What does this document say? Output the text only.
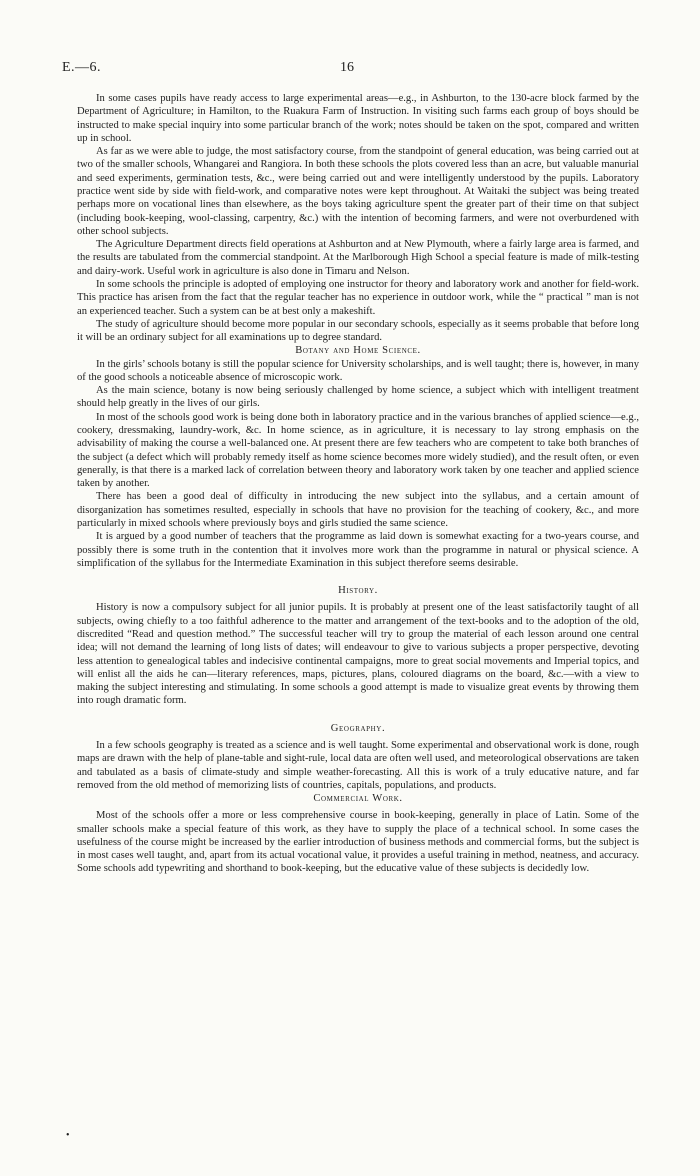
E.—6.	16

In some cases pupils have ready access to large experimental areas—e.g., in Ashburton, to the 130-acre block farmed by the Department of Agriculture; in Hamilton, to the Ruakura Farm of Instruction. In visiting such farms each group of boys should be instructed to make special inquiry into some particular branch of the work; notes should be taken on the spot, compared and written up in school.

As far as we were able to judge, the most satisfactory course, from the standpoint of general education, was being carried out at two of the smaller schools, Whangarei and Rangiora. In both these schools the plots covered less than an acre, but valuable manurial and seed experiments, germination tests, &c., were being carried out and were intelligently understood by the pupils. Laboratory practice went side by side with field-work, and comparative notes were kept throughout. At Waitaki the subject was being treated perhaps more on vocational lines than elsewhere, as the boys taking agriculture spent the greater part of their time on that subject (including book-keeping, wool-classing, carpentry, &c.) with the intention of becoming farmers, and were not overburdened with other school subjects.

The Agriculture Department directs field operations at Ashburton and at New Plymouth, where a fairly large area is farmed, and the results are tabulated from the commercial standpoint. At the Marlborough High School a special feature is made of milk-testing and dairy-work. Useful work in agriculture is also done in Timaru and Nelson.

In some schools the principle is adopted of employing one instructor for theory and laboratory work and another for field-work. This practice has arisen from the fact that the regular teacher has no experience in outdoor work, while the “ practical ” man is not an experienced teacher. Such a system can be at best only a makeshift.

The study of agriculture should become more popular in our secondary schools, especially as it seems probable that before long it will be an ordinary subject for all examinations up to degree standard.

Botany and Home Science.

In the girls’ schools botany is still the popular science for University scholarships, and is well taught; there is, however, in many of the good schools a noticeable absence of microscopic work.

As the main science, botany is now being seriously challenged by home science, a subject which with intelligent treatment should help greatly in the lives of our girls.

In most of the schools good work is being done both in laboratory practice and in the various branches of applied science—e.g., cookery, dressmaking, laundry-work, &c. In home science, as in agriculture, it is necessary to lay strong emphasis on the advisability of making the course a well-balanced one. At present there are few teachers who are competent to take both branches of the subject (a defect which will probably remedy itself as home science becomes more widely studied), and the result often, or even generally, is that there is a marked lack of correlation between theory and laboratory work taken by one teacher and applied science taken by another.

There has been a good deal of difficulty in introducing the new subject into the syllabus, and a certain amount of disorganization has sometimes resulted, especially in schools that have no provision for the teaching of cookery, &c., and more particularly in mixed schools where previously boys and girls studied the same science.

It is argued by a good number of teachers that the programme as laid down is somewhat exacting for a two-years course, and possibly there is some truth in the contention that it involves more work than the programme in natural or physical science. A simplification of the syllabus for the Intermediate Examination in this subject therefore seems desirable.

History.

History is now a compulsory subject for all junior pupils. It is probably at present one of the least satisfactorily taught of all subjects, owing chiefly to a too faithful adherence to the matter and arrangement of the text-books and to the adoption of the old, discredited “Read and question method.” The successful teacher will try to group the material of each lesson around one central idea; will not demand the learning of long lists of dates; will endeavour to give to various subjects a proper perspective, devoting less attention to genealogical tables and indecisive continental campaigns, more to great social movements and Imperial topics, and will enlist all the aids he can—literary references, maps, pictures, plans, coloured diagrams on the board, &c.—with a view to making the subject interesting and stimulating. In some schools a good attempt is made to visualize great events by throwing them into rough dramatic form.

Geography.

In a few schools geography is treated as a science and is well taught. Some experimental and observational work is done, rough maps are drawn with the help of plane-table and sight-rule, local data are often well used, and meteorological observations are taken and tabulated as a basis of climate-study and simple weather-forecasting. All this is work of a truly educative nature, and far removed from the old method of memorizing lists of countries, capitals, populations, and products.

Commercial Work.

Most of the schools offer a more or less comprehensive course in book-keeping, generally in place of Latin. Some of the smaller schools make a special feature of this work, as they have to supply the place of a technical school. In some cases the usefulness of the course might be increased by the earlier introduction of business methods and commercial forms, but the subject is in most cases well taught, and, apart from its actual vocational value, it provides a useful training in method, neatness, and accuracy. Some schools add typewriting and shorthand to book-keeping, but the educative value of these subjects is decidedly low.

•
